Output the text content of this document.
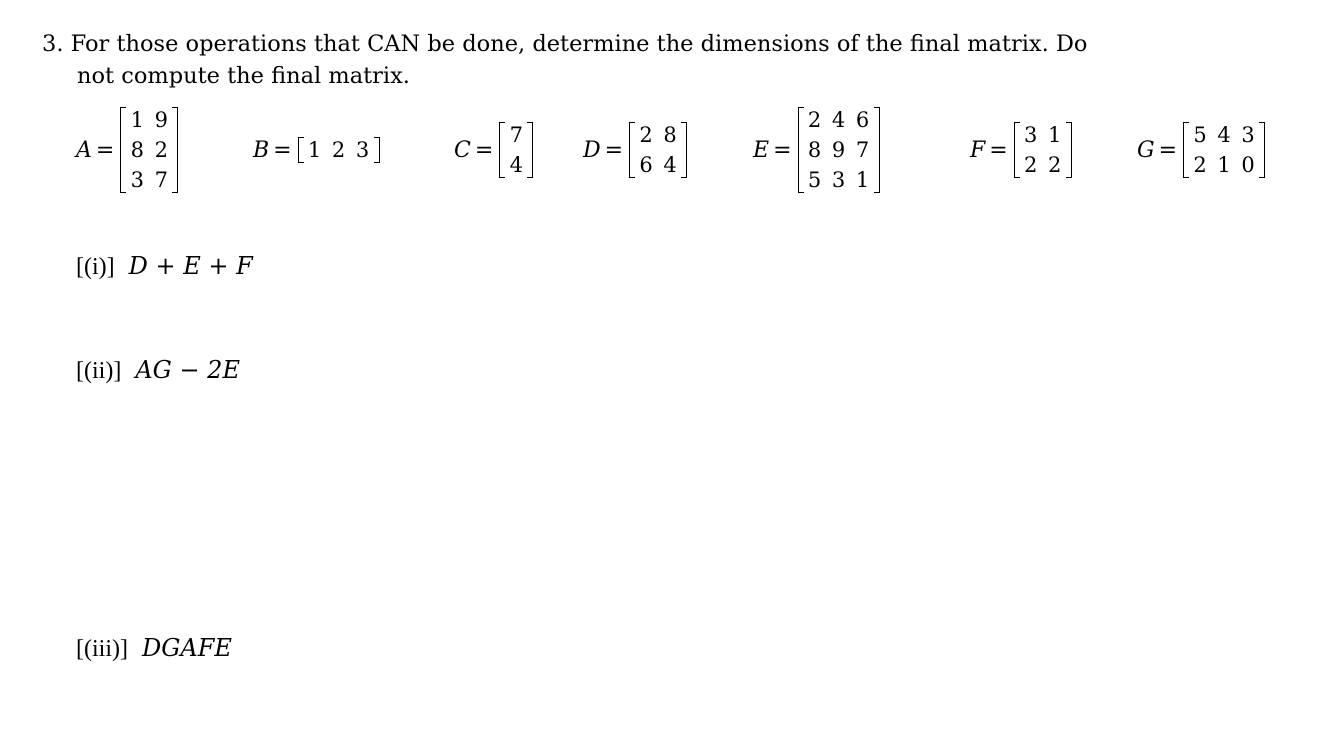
3. For those operations that CAN be done, determine the dimensions of the final matrix. Do
not compute the final matrix.
A =
1 9
8 2
3 7
B = 1 2 3	C =
7
4
D =
2 8
6 4
E =
2 4 6
8 9 7
5 3 1
F =
3 1
2 2
G =
5 4 3
2 1 0
[(i)] D + E + F
[(ii)] AG − 2E
[(iii)] DGAFE
